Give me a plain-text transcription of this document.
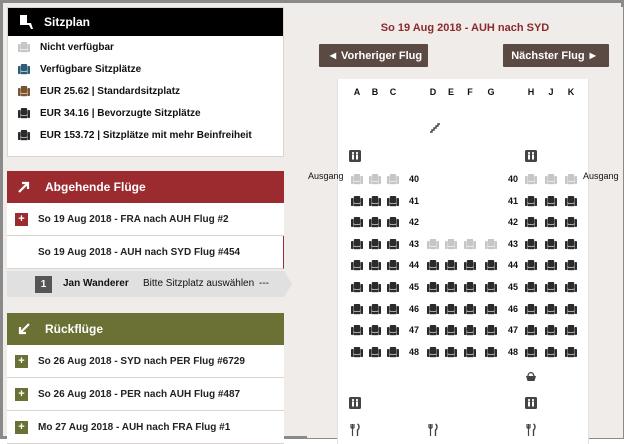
Sitzplan
Nicht verfügbar
Verfügbare Sitzplätze
EUR 25.62 | Standardsitzplatz
EUR 34.16 | Bevorzugte Sitzplätze
EUR 153.72 | Sitzplätze mit mehr Beinfreiheit
Abgehende Flüge
+	So 19 Aug 2018 - FRA nach AUH Flug #2
So 19 Aug 2018 - AUH nach SYD Flug #454
1	Jan Wanderer Bitte Sitzplatz auswählen ---
Rückflüge
+	So 26 Aug 2018 - SYD nach PER Flug #6729
+	So 26 Aug 2018 - PER nach AUH Flug #487
+	Mo 27 Aug 2018 - AUH nach FRA Flug #1
So 19 Aug 2018 - AUH nach SYD
◀ Vorheriger Flug	Nächster Flug ▶
A	B	C	D	E	F	G	H	J	K
40	40
41	41
42	42
43	43
44	44
45	45
46	46
47	47
48	48
Ausgang	Ausgang
